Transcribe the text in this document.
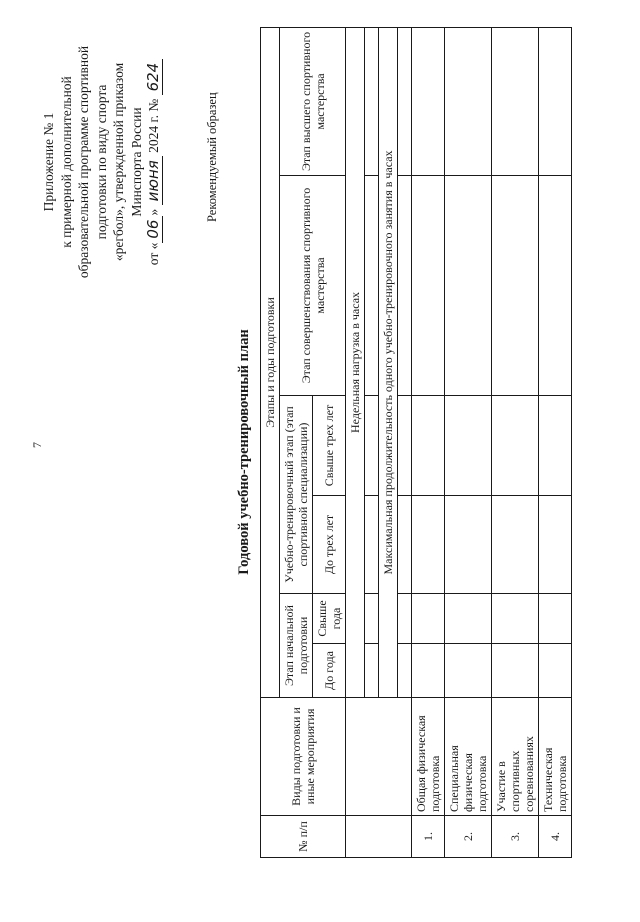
7
Приложение № 1 к примерной дополнительной образовательной программе спортивной подготовки по виду спорта «регбол», утвержденной приказом Минспорта России
от «06» июня 2024 г. № 624
Рекомендуемый образец
Годовой учебно-тренировочный план
№ п/п	Виды подготовки и иные мероприятия	Этапы и годы подготовки					
		Этап начальной подготовки		Учебно-тренировочный этап (этап спортивной специализации)		Этап совершенствования спортивного мастерства	Этап высшего спортивного мастерства
		До года	Свыше года	До трех лет	Свыше трех лет		
		Недельная нагрузка в часах					

		Максимальная продолжительность одного учебно-тренировочного занятия в часах					

1.	Общая физическая подготовка						
2.	Специальная физическая подготовка						
3.	Участие в спортивных соревнованиях						
4.	Техническая подготовка						
